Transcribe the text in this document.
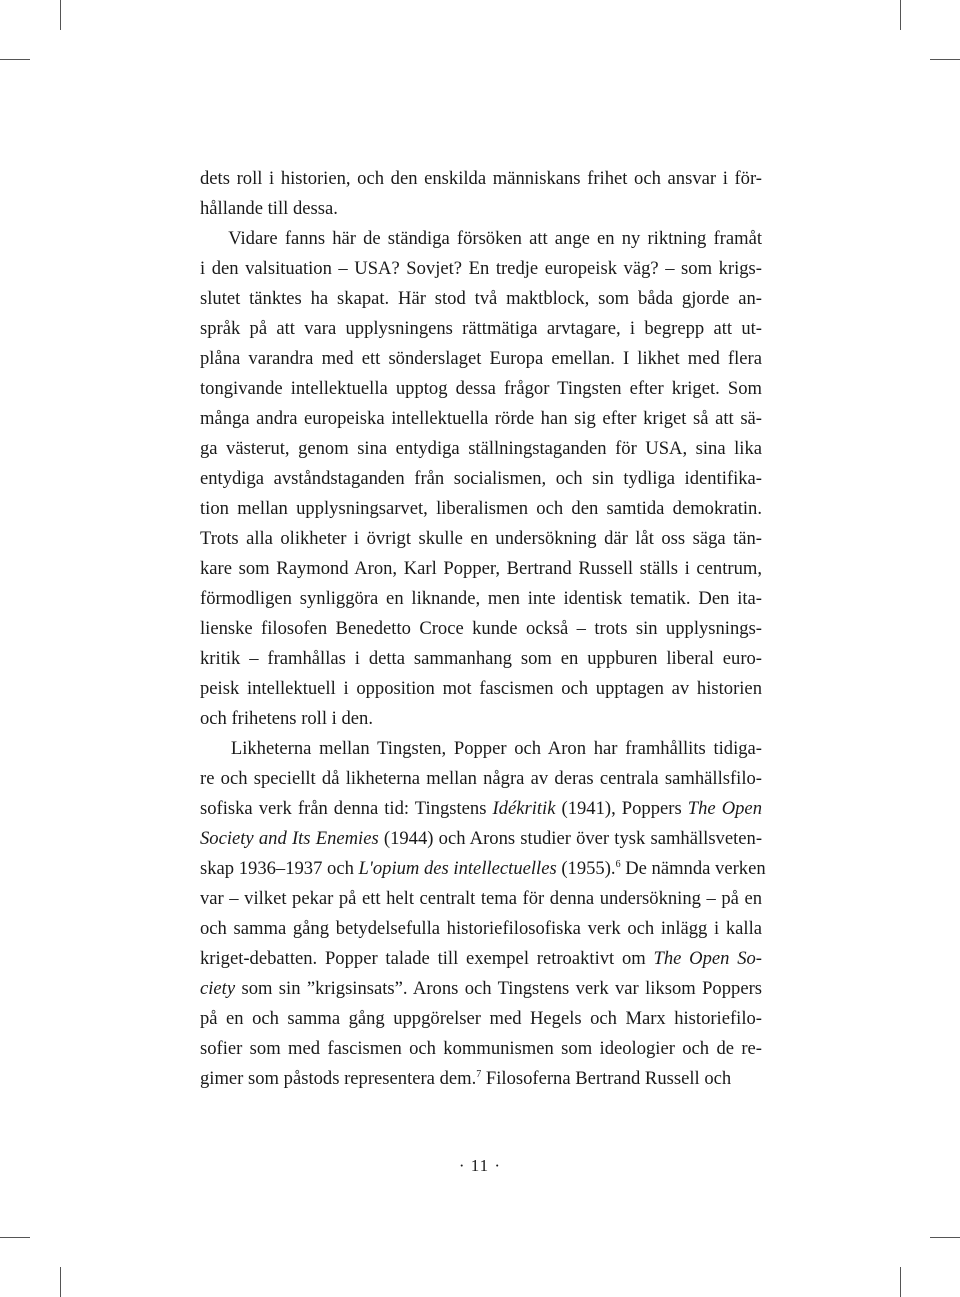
dets roll i historien, och den enskilda människans frihet och ansvar i för-
hållande till dessa.
Vidare fanns här de ständiga försöken att ange en ny riktning framåt
i den valsituation – USA? Sovjet? En tredje europeisk väg? – som krigs-
slutet tänktes ha skapat. Här stod två maktblock, som båda gjorde an-
språk på att vara upplysningens rättmätiga arvtagare, i begrepp att ut-
plåna varandra med ett sönderslaget Europa emellan. I likhet med flera
tongivande intellektuella upptog dessa frågor Tingsten efter kriget. Som
många andra europeiska intellektuella rörde han sig efter kriget så att sä-
ga västerut, genom sina entydiga ställningstaganden för USA, sina lika
entydiga avståndstaganden från socialismen, och sin tydliga identifika-
tion mellan upplysningsarvet, liberalismen och den samtida demokratin.
Trots alla olikheter i övrigt skulle en undersökning där låt oss säga tän-
kare som Raymond Aron, Karl Popper, Bertrand Russell ställs i centrum,
förmodligen synliggöra en liknande, men inte identisk tematik. Den ita-
lienske filosofen Benedetto Croce kunde också – trots sin upplysnings-
kritik – framhållas i detta sammanhang som en uppburen liberal euro-
peisk intellektuell i opposition mot fascismen och upptagen av historien
och frihetens roll i den.
Likheterna mellan Tingsten, Popper och Aron har framhållits tidiga-
re och speciellt då likheterna mellan några av deras centrala samhällsfilo-
sofiska verk från denna tid: Tingstens Idékritik (1941), Poppers The Open
Society and Its Enemies (1944) och Arons studier över tysk samhällsveten-
skap 1936–1937 och L'opium des intellectuelles (1955).$^6$ De nämnda verken
var – vilket pekar på ett helt centralt tema för denna undersökning – på en
och samma gång betydelsefulla historiefilosofiska verk och inlägg i kalla
kriget-debatten. Popper talade till exempel retroaktivt om The Open So-
ciety som sin ”krigsinsats”. Arons och Tingstens verk var liksom Poppers
på en och samma gång uppgörelser med Hegels och Marx historiefilo-
sofier som med fascismen och kommunismen som ideologier och de re-
gimer som påstods representera dem.$^7$ Filosoferna Bertrand Russell och
· 11 ·
